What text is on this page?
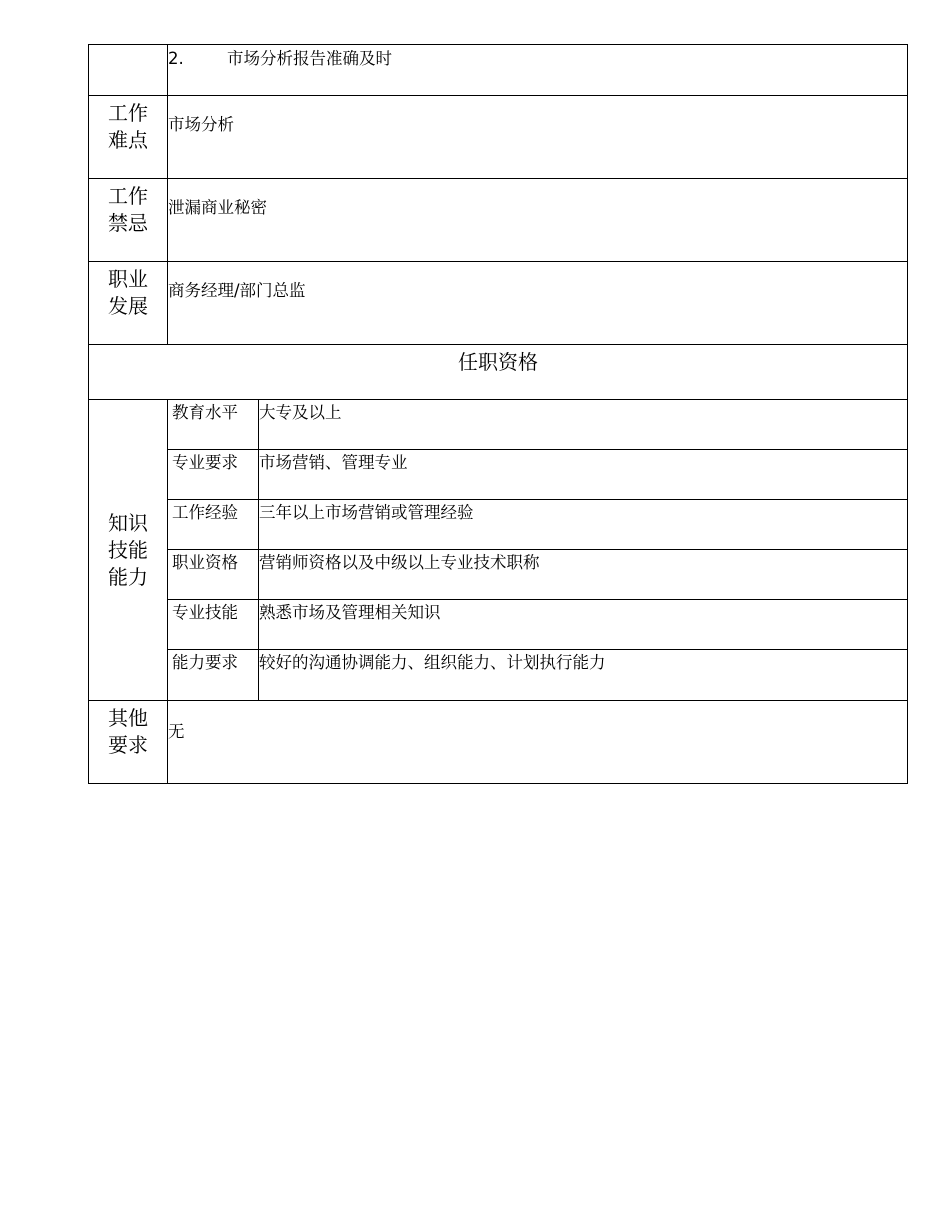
	2. 市场分析报告准确及时	
工作
难点	市场分析	
工作
禁忌	泄漏商业秘密	
职业
发展	商务经理/部门总监	
任职资格		
知识
技能
能力	教育水平	大专及以上
	专业要求	市场营销、管理专业
	工作经验	三年以上市场营销或管理经验
	职业资格	营销师资格以及中级以上专业技术职称
	专业技能	熟悉市场及管理相关知识
	能力要求	较好的沟通协调能力、组织能力、计划执行能力
其他
要求	无	
